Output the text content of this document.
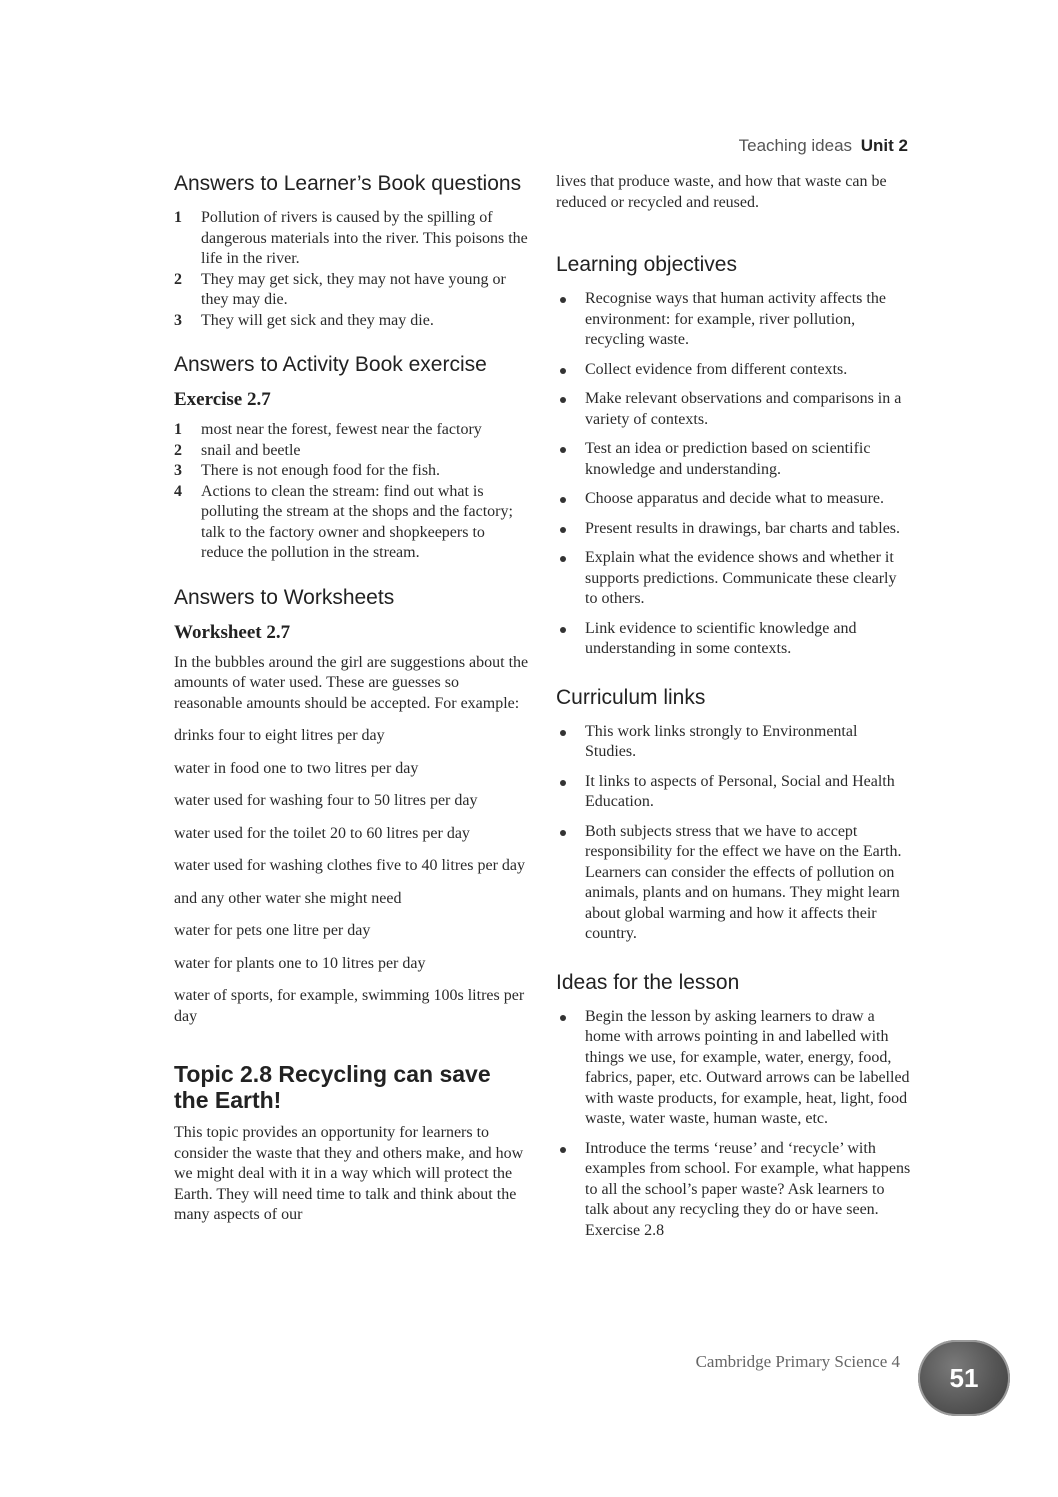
Teaching ideas Unit 2
Answers to Learner’s Book questions
1 Pollution of rivers is caused by the spilling of dangerous materials into the river. This poisons the life in the river.
2 They may get sick, they may not have young or they may die.
3 They will get sick and they may die.
Answers to Activity Book exercise
Exercise 2.7
1 most near the forest, fewest near the factory
2 snail and beetle
3 There is not enough food for the fish.
4 Actions to clean the stream: find out what is polluting the stream at the shops and the factory; talk to the factory owner and shopkeepers to reduce the pollution in the stream.
Answers to Worksheets
Worksheet 2.7

In the bubbles around the girl are suggestions about the amounts of water used. These are guesses so reasonable amounts should be accepted. For example:

drinks four to eight litres per day

water in food one to two litres per day

water used for washing four to 50 litres per day

water used for the toilet 20 to 60 litres per day

water used for washing clothes five to 40 litres per day

and any other water she might need

water for pets one litre per day

water for plants one to 10 litres per day

water of sports, for example, swimming 100s litres per day

Topic 2.8 Recycling can save the Earth!

This topic provides an opportunity for learners to consider the waste that they and others make, and how we might deal with it in a way which will protect the Earth. They will need time to talk and think about the many aspects of our

lives that produce waste, and how that waste can be reduced or recycled and reused.

Learning objectives
Recognise ways that human activity affects the environment: for example, river pollution, recycling waste.
Collect evidence from different contexts.
Make relevant observations and comparisons in a variety of contexts.
Test an idea or prediction based on scientific knowledge and understanding.
Choose apparatus and decide what to measure.
Present results in drawings, bar charts and tables.
Explain what the evidence shows and whether it supports predictions. Communicate these clearly to others.
Link evidence to scientific knowledge and understanding in some contexts.
Curriculum links
This work links strongly to Environmental Studies.
It links to aspects of Personal, Social and Health Education.
Both subjects stress that we have to accept responsibility for the effect we have on the Earth. Learners can consider the effects of pollution on animals, plants and on humans. They might learn about global warming and how it affects their country.
Ideas for the lesson
Begin the lesson by asking learners to draw a home with arrows pointing in and labelled with things we use, for example, water, energy, food, fabrics, paper, etc. Outward arrows can be labelled with waste products, for example, heat, light, food waste, water waste, human waste, etc.
Introduce the terms ‘reuse’ and ‘recycle’ with examples from school. For example, what happens to all the school’s paper waste? Ask learners to talk about any recycling they do or have seen. Exercise 2.8
Cambridge Primary Science 4
51
